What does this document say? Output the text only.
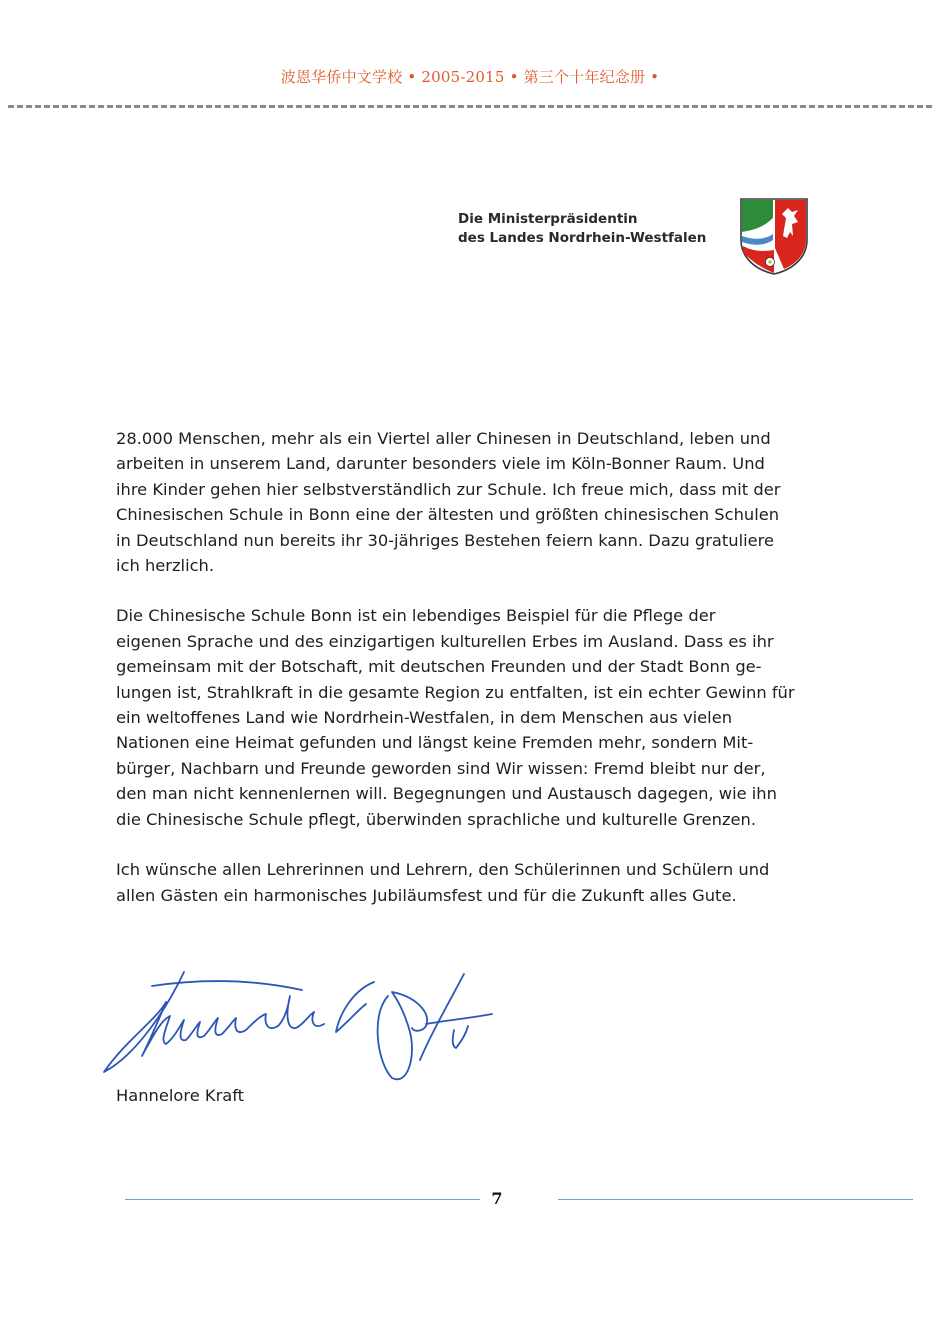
波恩华侨中文学校 • 2005-2015 • 第三个十年纪念册 •
Die Ministerpräsidentin
des Landes Nordrhein-Westfalen

28.000 Menschen, mehr als ein Viertel aller Chinesen in Deutschland, leben und
arbeiten in unserem Land, darunter besonders viele im Köln-Bonner Raum. Und
ihre Kinder gehen hier selbstverständlich zur Schule. Ich freue mich, dass mit der
Chinesischen Schule in Bonn eine der ältesten und größten chinesischen Schulen
in Deutschland nun bereits ihr 30-jähriges Bestehen feiern kann. Dazu gratuliere
ich herzlich.

Die Chinesische Schule Bonn ist ein lebendiges Beispiel für die Pflege der
eigenen Sprache und des einzigartigen kulturellen Erbes im Ausland. Dass es ihr
gemeinsam mit der Botschaft, mit deutschen Freunden und der Stadt Bonn ge-
lungen ist, Strahlkraft in die gesamte Region zu entfalten, ist ein echter Gewinn für
ein weltoffenes Land wie Nordrhein-Westfalen, in dem Menschen aus vielen
Nationen eine Heimat gefunden und längst keine Fremden mehr, sondern Mit-
bürger, Nachbarn und Freunde geworden sind Wir wissen: Fremd bleibt nur der,
den man nicht kennenlernen will. Begegnungen und Austausch dagegen, wie ihn
die Chinesische Schule pflegt, überwinden sprachliche und kulturelle Grenzen.

Ich wünsche allen Lehrerinnen und Lehrern, den Schülerinnen und Schülern und
allen Gästen ein harmonisches Jubiläumsfest und für die Zukunft alles Gute.

Hannelore Kraft
7
